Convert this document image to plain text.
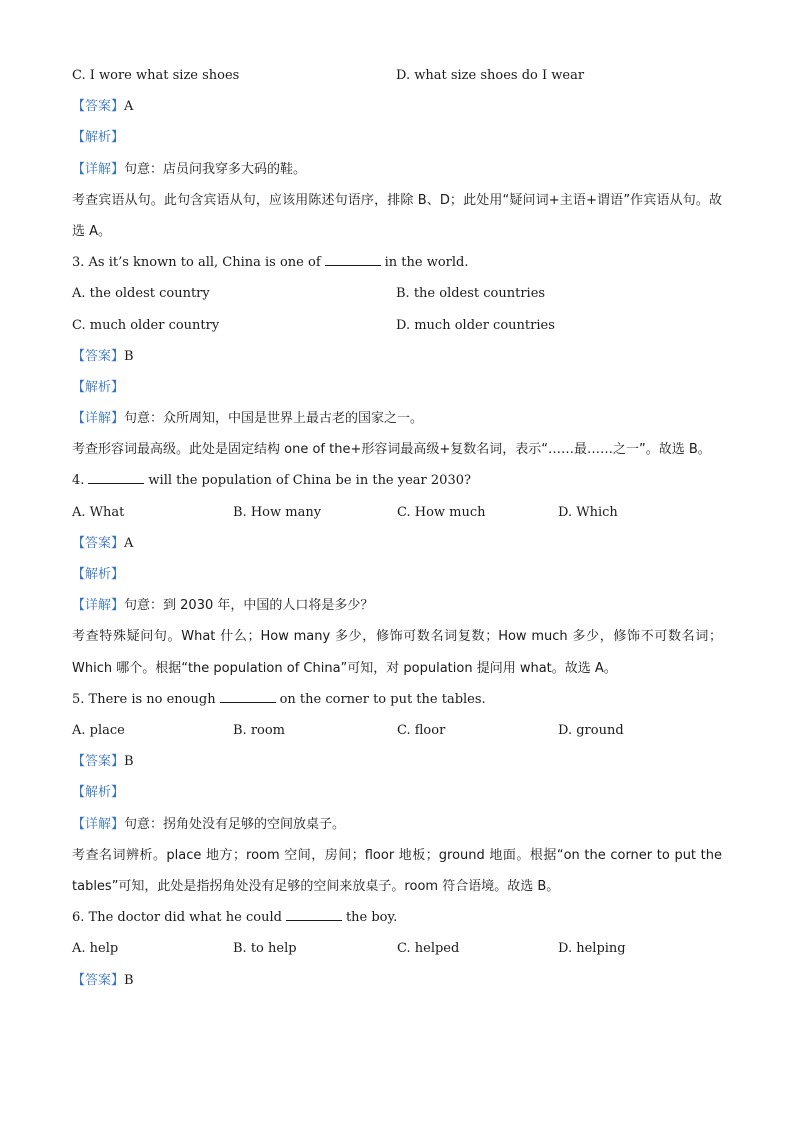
C. I wore what size shoes	D. what size shoes do I wear
【答案】A
【解析】
【详解】句意：店员问我穿多大码的鞋。
考查宾语从句。此句含宾语从句，应该用陈述句语序，排除 B、D；此处用“疑问词+主语+谓语”作宾语从句。故选 A。
3. As it’s known to all, China is one of	in the world.
A. the oldest country	B. the oldest countries
C. much older country	D. much older countries
【答案】B
【解析】
【详解】句意：众所周知，中国是世界上最古老的国家之一。
考查形容词最高级。此处是固定结构 one of the+形容词最高级+复数名词，表示“……最……之一”。故选 B。
4.	will the population of China be in the year 2030?
A. What	B. How many	C. How much	D. Which
【答案】A
【解析】
【详解】句意：到 2030 年，中国的人口将是多少？
考查特殊疑问句。What 什么；How many 多少，修饰可数名词复数；How much 多少，修饰不可数名词；Which 哪个。根据“the population of China”可知，对 population 提问用 what。故选 A。
5. There is no enough	on the corner to put the tables.
A. place	B. room	C. floor	D. ground
【答案】B
【解析】
【详解】句意：拐角处没有足够的空间放桌子。
考查名词辨析。place 地方；room 空间，房间；floor 地板；ground 地面。根据“on the corner to put the tables”可知，此处是指拐角处没有足够的空间来放桌子。room 符合语境。故选 B。
6. The doctor did what he could	the boy.
A. help	B. to help	C. helped	D. helping
【答案】B
